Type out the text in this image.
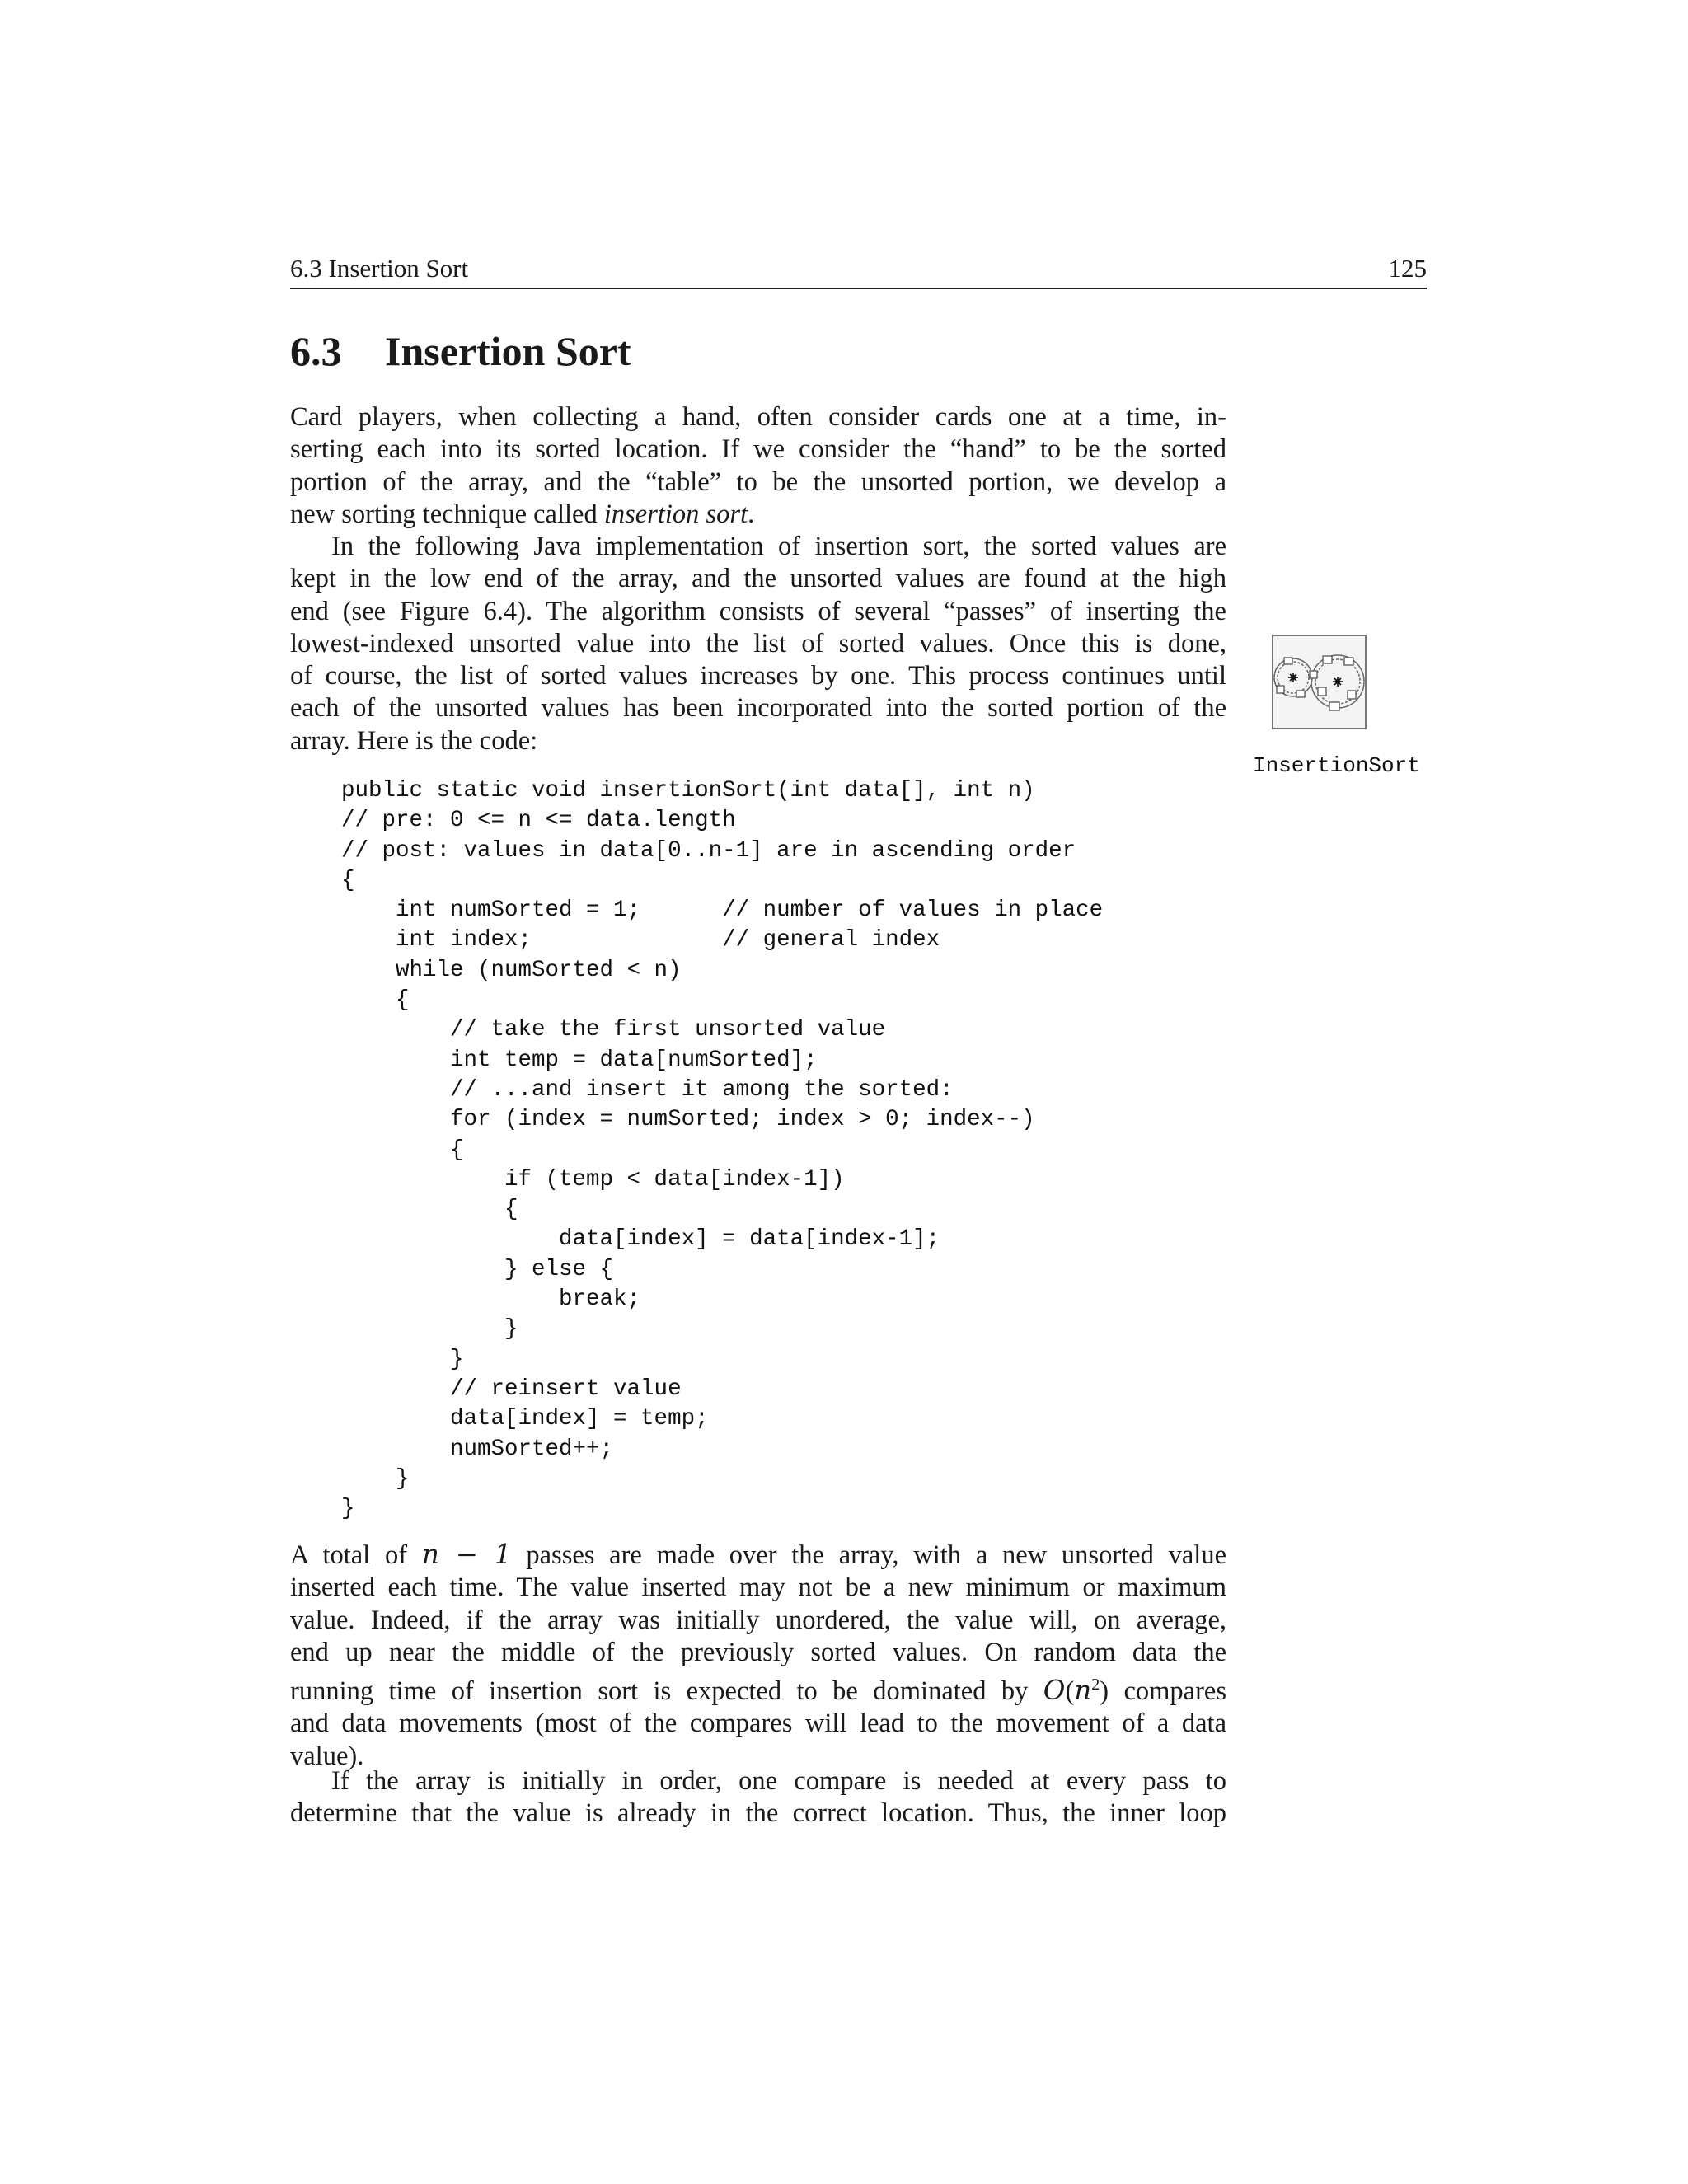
6.3 Insertion Sort	125
6.3 Insertion Sort
Card players, when collecting a hand, often consider cards one at a time, in-
serting each into its sorted location. If we consider the “hand” to be the sorted
portion of the array, and the “table” to be the unsorted portion, we develop a
new sorting technique called insertion sort.
In the following Java implementation of insertion sort, the sorted values are
kept in the low end of the array, and the unsorted values are found at the high
end (see Figure 6.4). The algorithm consists of several “passes” of inserting the
lowest-indexed unsorted value into the list of sorted values. Once this is done,
of course, the list of sorted values increases by one. This process continues until
each of the unsorted values has been incorporated into the sorted portion of the
array. Here is the code:
InsertionSort
public static void insertionSort(int data[], int n)
// pre: 0 <= n <= data.length
// post: values in data[0..n-1] are in ascending order
{
int numSorted = 1;      // number of values in place
int index;              // general index
while (numSorted < n)
{
// take the first unsorted value
int temp = data[numSorted];
// ...and insert it among the sorted:
for (index = numSorted; index > 0; index--)
{
if (temp < data[index-1])
{
data[index] = data[index-1];
} else {
break;
}
}
// reinsert value
data[index] = temp;
numSorted++;
}
}
A total of n − 1 passes are made over the array, with a new unsorted value
inserted each time. The value inserted may not be a new minimum or maximum
value. Indeed, if the array was initially unordered, the value will, on average,
end up near the middle of the previously sorted values. On random data the
running time of insertion sort is expected to be dominated by $O(n^2)$ compares
and data movements (most of the compares will lead to the movement of a data
value).
If the array is initially in order, one compare is needed at every pass to
determine that the value is already in the correct location. Thus, the inner loop
